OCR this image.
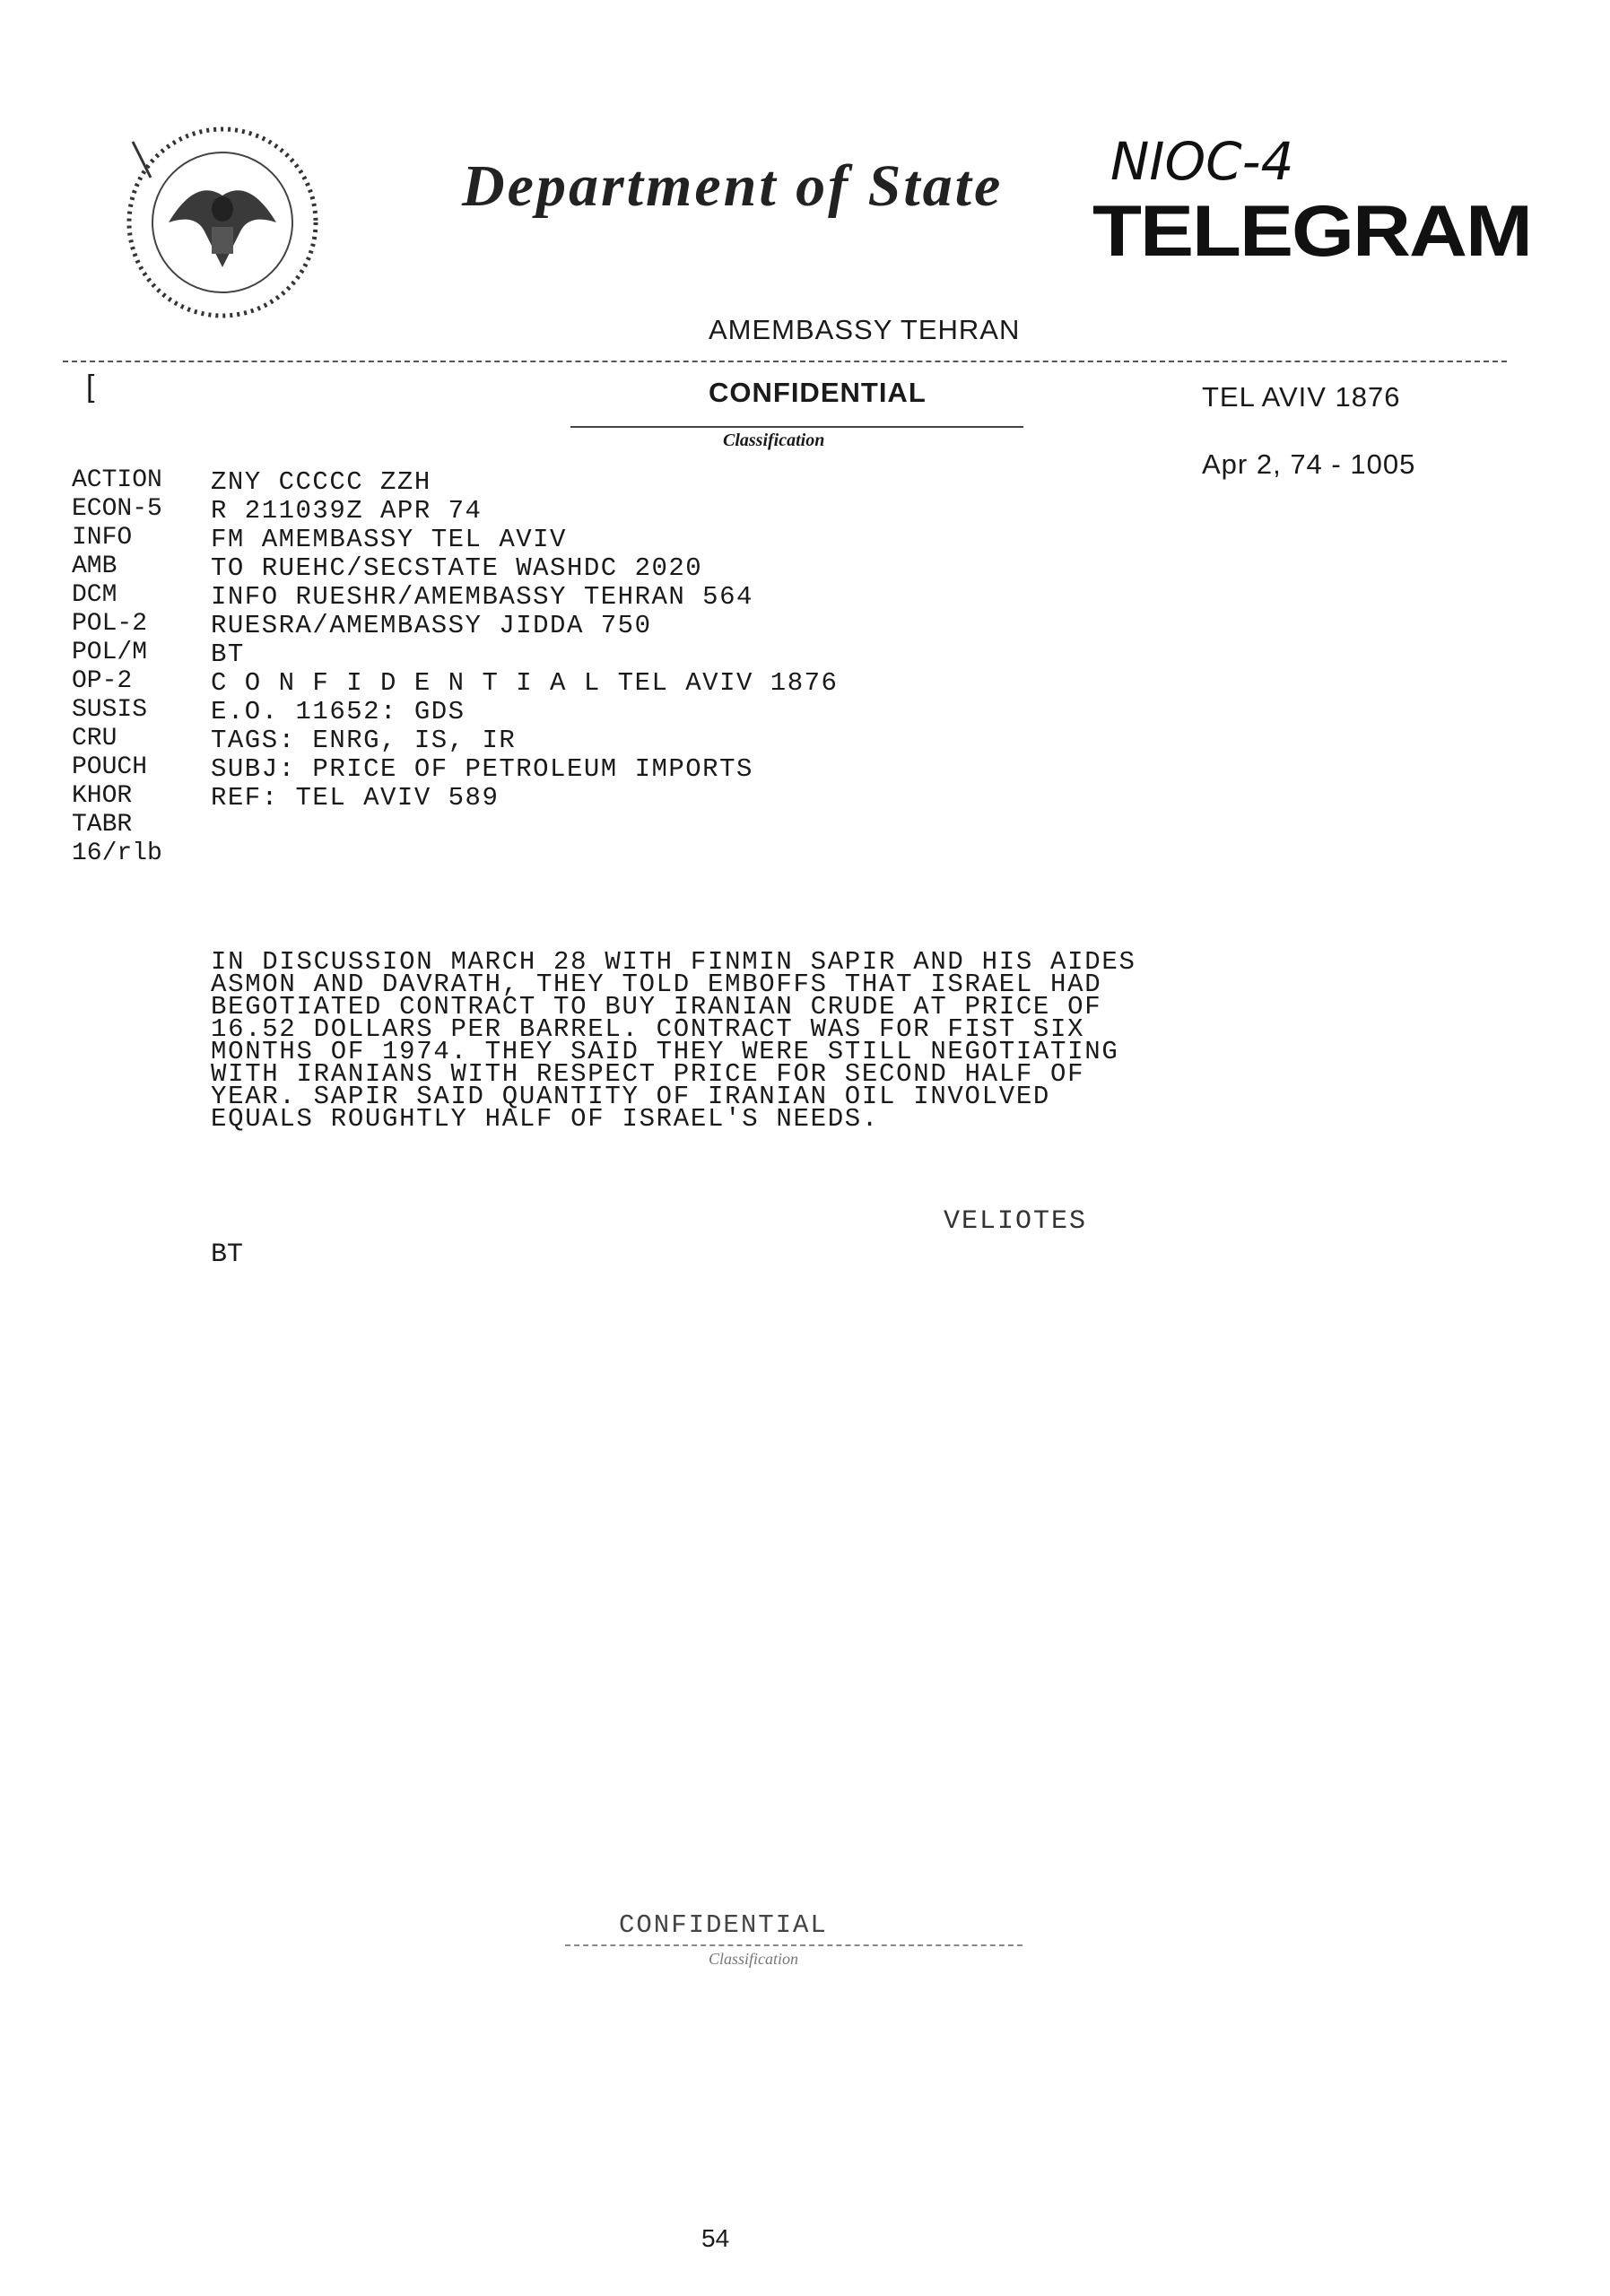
Department of State NIOC-4
TELEGRAM
AMEMBASSY TEHRAN
[	CONFIDENTIAL	TEL AVIV 1876
Classification
Apr 2, 74 - 1005
ACTION
ECON-5
INFO
AMB
DCM
POL-2
POL/M
OP-2
SUSIS
CRU
POUCH
KHOR
TABR
16/rlb
ZNY CCCCC ZZH
R 211039Z APR 74
FM AMEMBASSY TEL AVIV
TO RUEHC/SECSTATE WASHDC 2020
INFO RUESHR/AMEMBASSY TEHRAN 564
RUESRA/AMEMBASSY JIDDA 750
BT
C O N F I D E N T I A L TEL AVIV 1876
E.O. 11652: GDS
TAGS: ENRG, IS, IR
SUBJ: PRICE OF PETROLEUM IMPORTS
REF: TEL AVIV 589
IN DISCUSSION MARCH 28 WITH FINMIN SAPIR AND HIS AIDES
ASMON AND DAVRATH, THEY TOLD EMBOFFS THAT ISRAEL HAD
BEGOTIATED CONTRACT TO BUY IRANIAN CRUDE AT PRICE OF
16.52 DOLLARS PER BARREL. CONTRACT WAS FOR FIST SIX
MONTHS OF 1974. THEY SAID THEY WERE STILL NEGOTIATING
WITH IRANIANS WITH RESPECT PRICE FOR SECOND HALF OF
YEAR. SAPIR SAID QUANTITY OF IRANIAN OIL INVOLVED
EQUALS ROUGHTLY HALF OF ISRAEL'S NEEDS.
VELIOTES
BT
CONFIDENTIAL
Classification
54
